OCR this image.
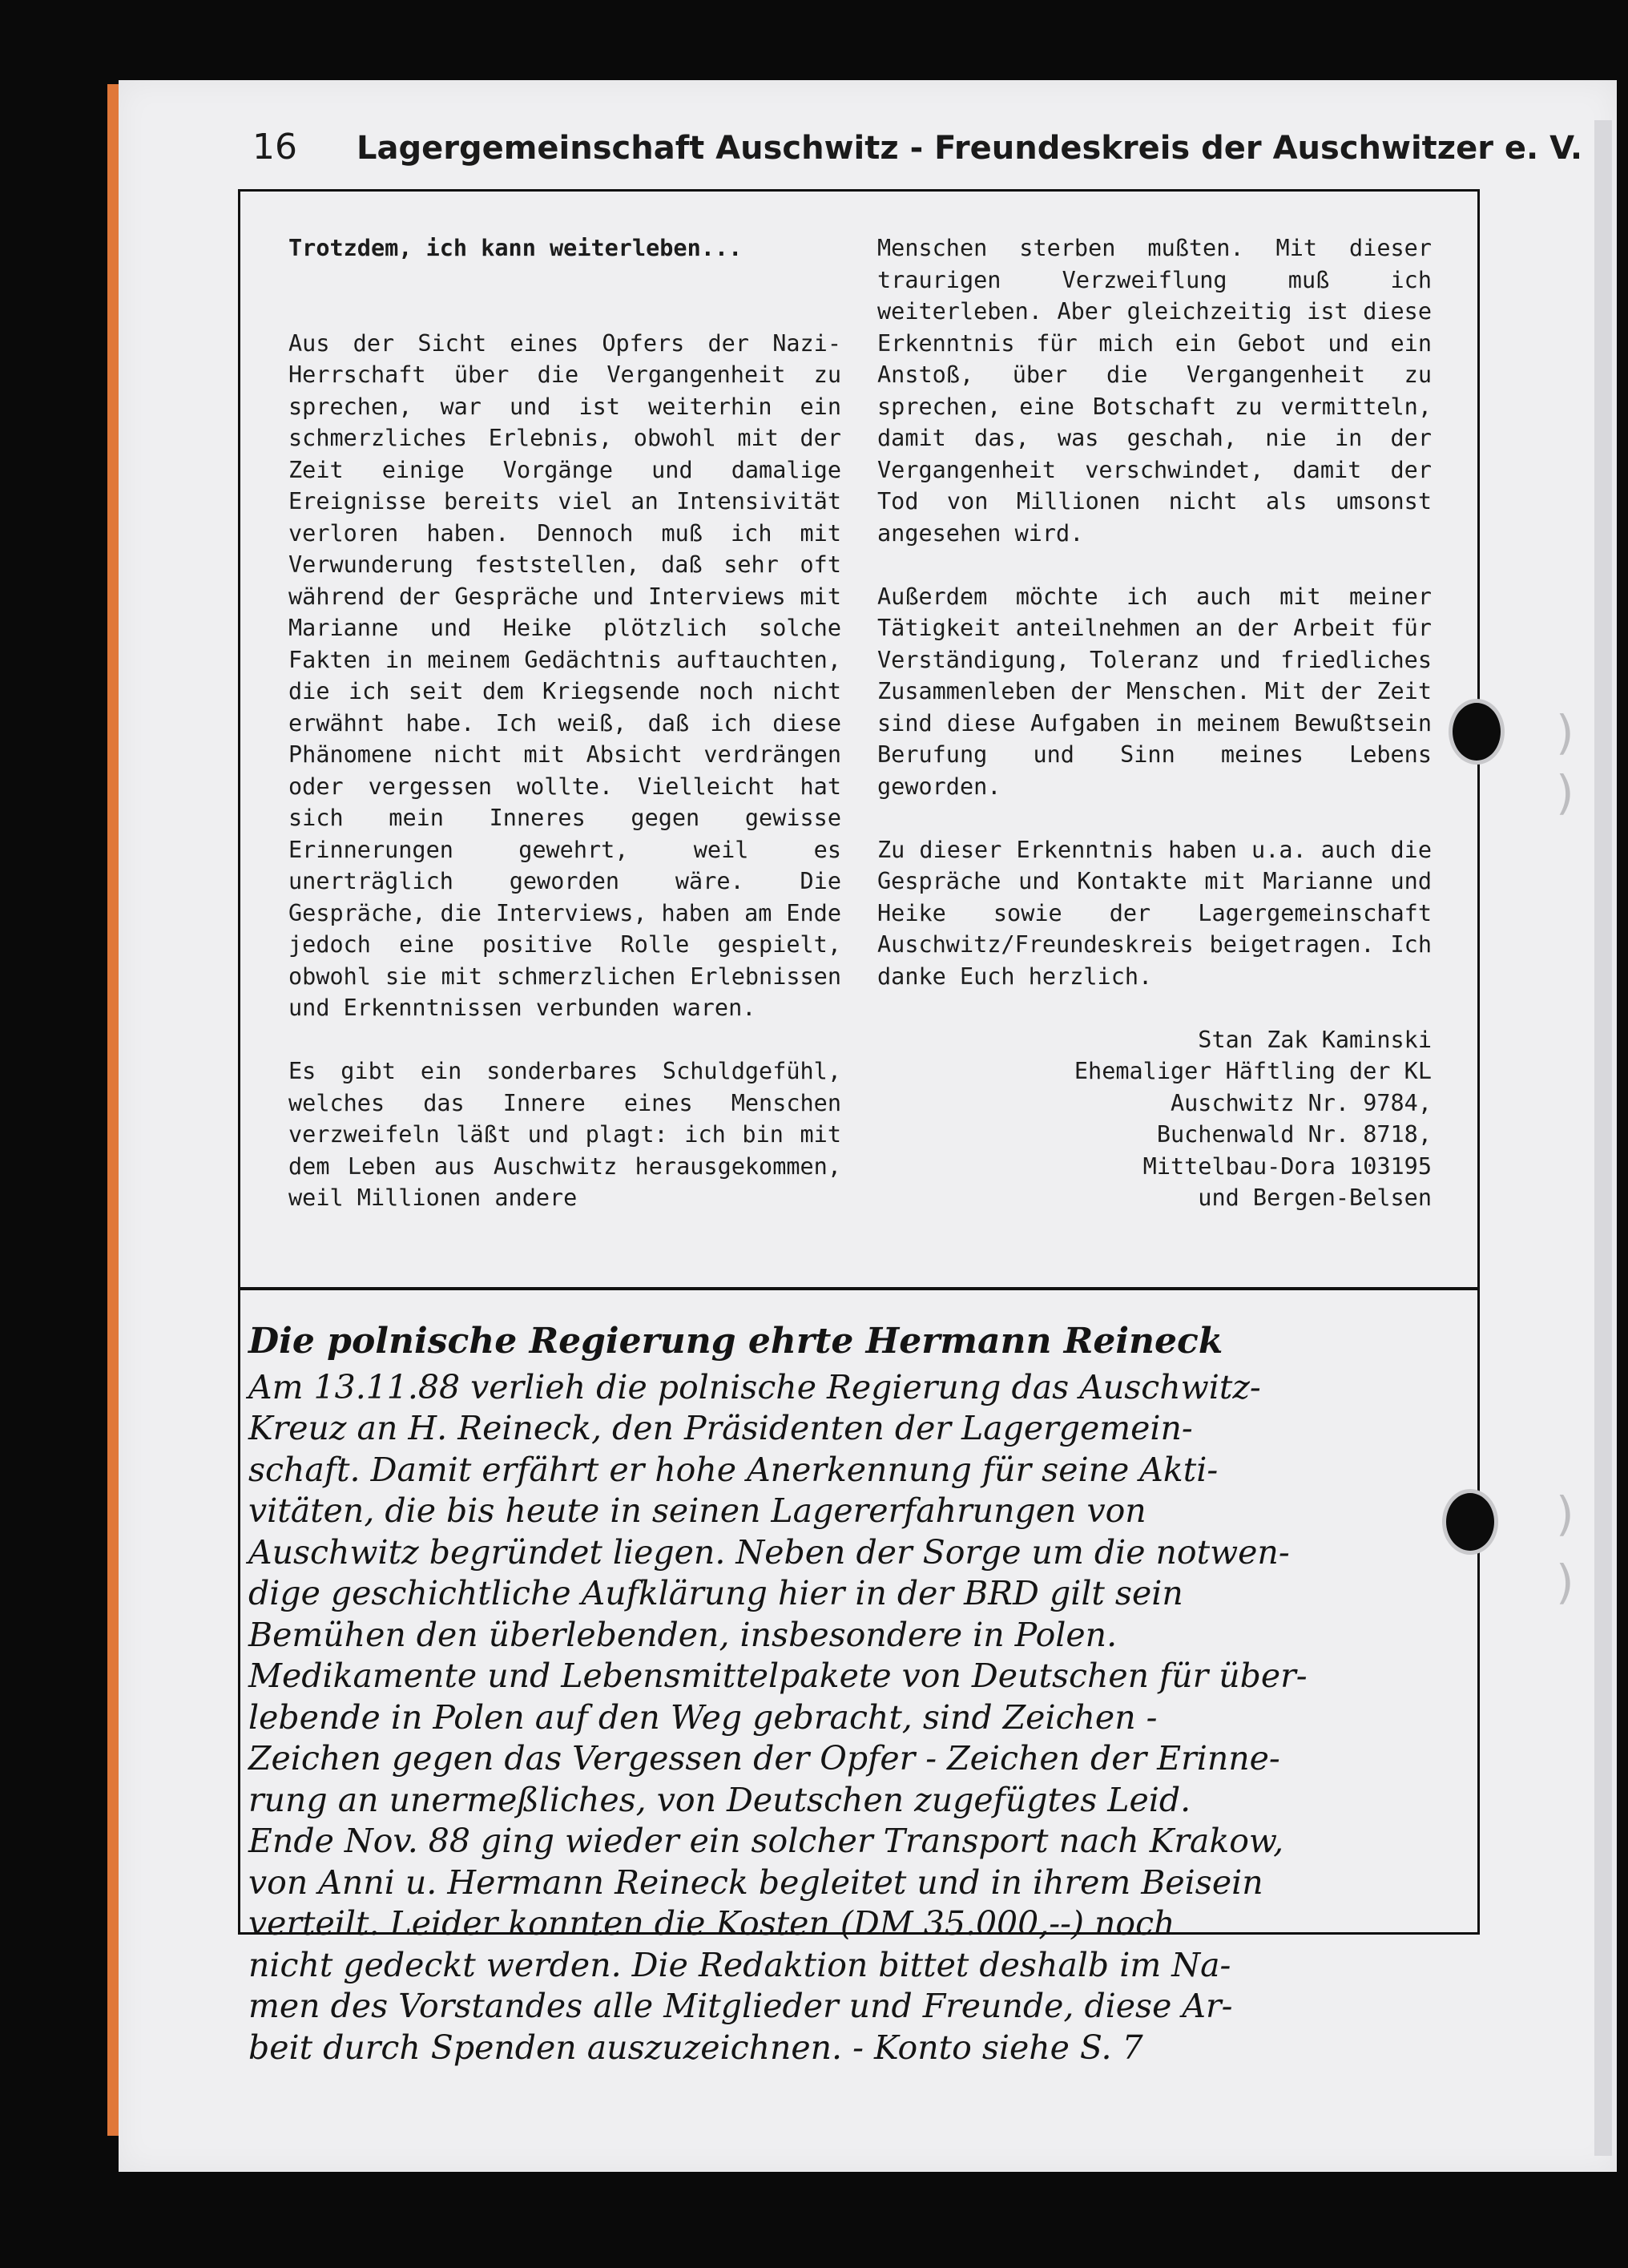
16 Lagergemeinschaft Auschwitz - Freundeskreis der Auschwitzer e. V.

Trotzdem, ich kann weiterleben...

Aus der Sicht eines Opfers der Nazi-Herrschaft über die Vergangenheit zu sprechen, war und ist weiterhin ein schmerzliches Erlebnis, obwohl mit der Zeit einige Vorgänge und damalige Ereignisse bereits viel an Intensivität verloren haben. Dennoch muß ich mit Verwunderung feststellen, daß sehr oft während der Gespräche und Interviews mit Marianne und Heike plötzlich solche Fakten in meinem Gedächtnis auftauchten, die ich seit dem Kriegsende noch nicht erwähnt habe. Ich weiß, daß ich diese Phänomene nicht mit Absicht verdrängen oder vergessen wollte. Vielleicht hat sich mein Inneres gegen gewisse Erinnerungen gewehrt, weil es unerträglich geworden wäre. Die Gespräche, die Interviews, haben am Ende jedoch eine positive Rolle gespielt, obwohl sie mit schmerzlichen Erlebnissen und Erkenntnissen verbunden waren.

Es gibt ein sonderbares Schuldgefühl, welches das Innere eines Menschen verzweifeln läßt und plagt: ich bin mit dem Leben aus Auschwitz herausgekommen, weil Millionen andere

Menschen sterben mußten. Mit dieser traurigen Verzweiflung muß ich weiterleben. Aber gleichzeitig ist diese Erkenntnis für mich ein Gebot und ein Anstoß, über die Vergangenheit zu sprechen, eine Botschaft zu vermitteln, damit das, was geschah, nie in der Vergangenheit verschwindet, damit der Tod von Millionen nicht als umsonst angesehen wird.

Außerdem möchte ich auch mit meiner Tätigkeit anteilnehmen an der Arbeit für Verständigung, Toleranz und friedliches Zusammenleben der Menschen. Mit der Zeit sind diese Aufgaben in meinem Bewußtsein Berufung und Sinn meines Lebens geworden.

Zu dieser Erkenntnis haben u.a. auch die Gespräche und Kontakte mit Marianne und Heike sowie der Lagergemeinschaft Auschwitz/Freundeskreis beigetragen. Ich danke Euch herzlich.

Stan Zak Kaminski
Ehemaliger Häftling der KL
Auschwitz Nr. 9784,
Buchenwald Nr. 8718,
Mittelbau-Dora 103195
und Bergen-Belsen
Die polnische Regierung ehrte Hermann Reineck
Am 13.11.88 verlieh die polnische Regierung das Auschwitz-
Kreuz an H. Reineck, den Präsidenten der Lagergemein-
schaft. Damit erfährt er hohe Anerkennung für seine Akti-
vitäten, die bis heute in seinen Lagererfahrungen von
Auschwitz begründet liegen. Neben der Sorge um die notwen-
dige geschichtliche Aufklärung hier in der BRD gilt sein
Bemühen den überlebenden, insbesondere in Polen.
Medikamente und Lebensmittelpakete von Deutschen für über-
lebende in Polen auf den Weg gebracht, sind Zeichen -
Zeichen gegen das Vergessen der Opfer - Zeichen der Erinne-
rung an unermeßliches, von Deutschen zugefügtes Leid.
Ende Nov. 88 ging wieder ein solcher Transport nach Krakow,
von Anni u. Hermann Reineck begleitet und in ihrem Beisein
verteilt. Leider konnten die Kosten (DM 35.000,--) noch
nicht gedeckt werden. Die Redaktion bittet deshalb im Na-
men des Vorstandes alle Mitglieder und Freunde, diese Ar-
beit durch Spenden auszuzeichnen. - Konto siehe S. 7
)
)
)
)
